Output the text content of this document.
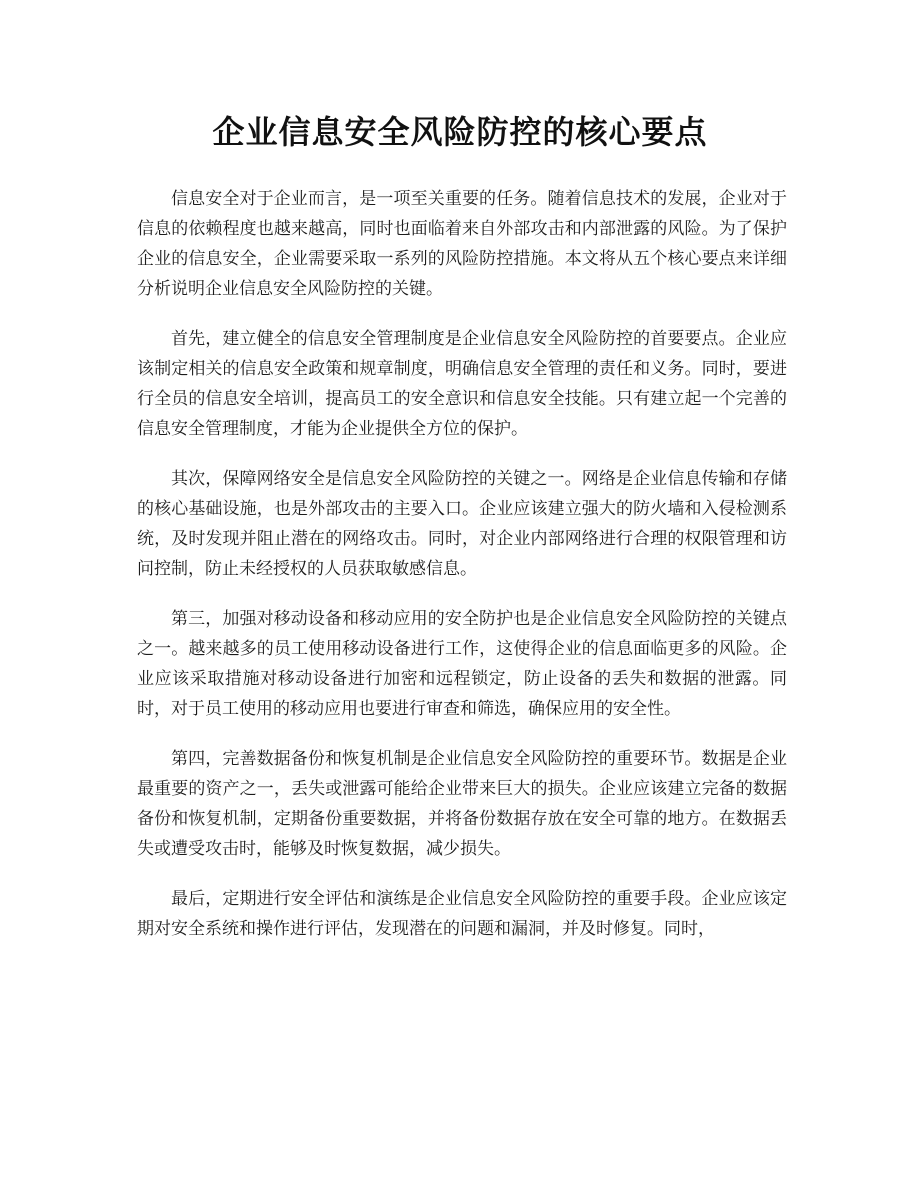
企业信息安全风险防控的核心要点

信息安全对于企业而言，是一项至关重要的任务。随着信息技术的发展，企业对于信息的依赖程度也越来越高，同时也面临着来自外部攻击和内部泄露的风险。为了保护企业的信息安全，企业需要采取一系列的风险防控措施。本文将从五个核心要点来详细分析说明企业信息安全风险防控的关键。

首先，建立健全的信息安全管理制度是企业信息安全风险防控的首要要点。企业应该制定相关的信息安全政策和规章制度，明确信息安全管理的责任和义务。同时，要进行全员的信息安全培训，提高员工的安全意识和信息安全技能。只有建立起一个完善的信息安全管理制度，才能为企业提供全方位的保护。

其次，保障网络安全是信息安全风险防控的关键之一。网络是企业信息传输和存储的核心基础设施，也是外部攻击的主要入口。企业应该建立强大的防火墙和入侵检测系统，及时发现并阻止潜在的网络攻击。同时，对企业内部网络进行合理的权限管理和访问控制，防止未经授权的人员获取敏感信息。

第三，加强对移动设备和移动应用的安全防护也是企业信息安全风险防控的关键点之一。越来越多的员工使用移动设备进行工作，这使得企业的信息面临更多的风险。企业应该采取措施对移动设备进行加密和远程锁定，防止设备的丢失和数据的泄露。同时，对于员工使用的移动应用也要进行审查和筛选，确保应用的安全性。

第四，完善数据备份和恢复机制是企业信息安全风险防控的重要环节。数据是企业最重要的资产之一，丢失或泄露可能给企业带来巨大的损失。企业应该建立完备的数据备份和恢复机制，定期备份重要数据，并将备份数据存放在安全可靠的地方。在数据丢失或遭受攻击时，能够及时恢复数据，减少损失。

最后，定期进行安全评估和演练是企业信息安全风险防控的重要手段。企业应该定期对安全系统和操作进行评估，发现潜在的问题和漏洞，并及时修复。同时，
